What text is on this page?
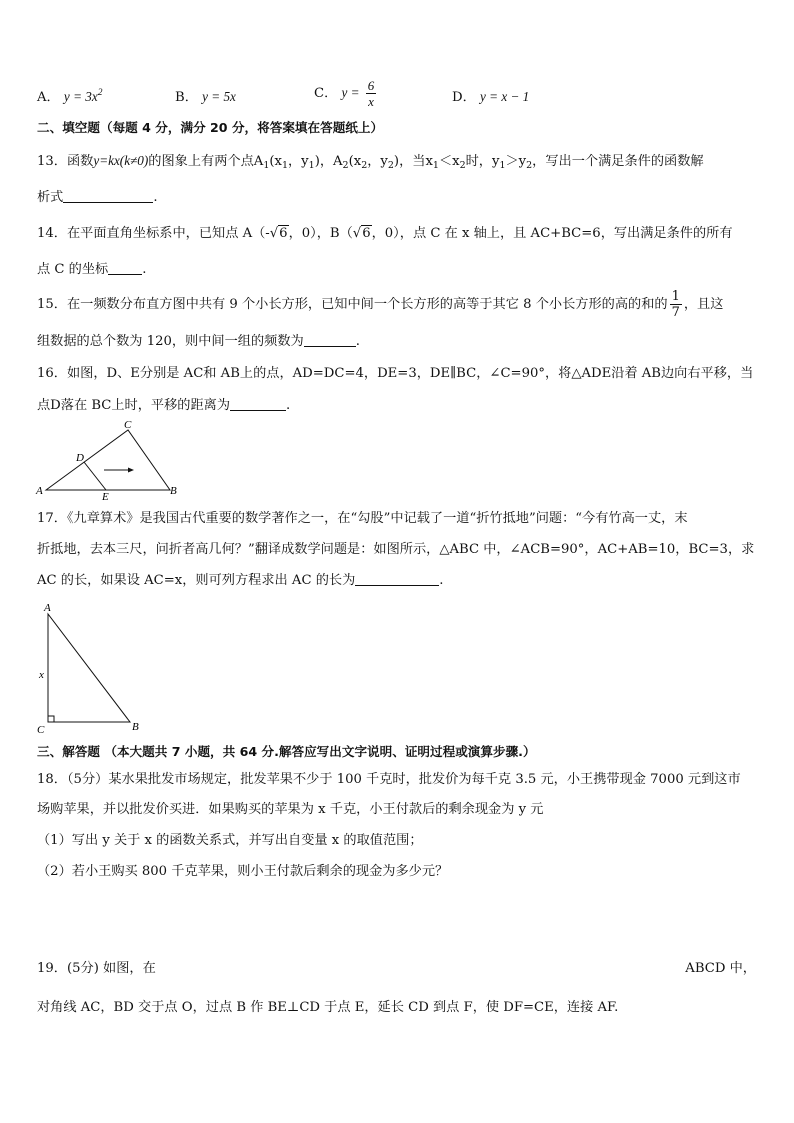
A． $y = 3x^2$	B． y = 5x	C． $y = \frac{6}{x}$	D． y = x − 1
二、填空题（每题 4 分，满分 20 分，将答案填在答题纸上）
13．函数y=kx(k≠0)的图象上有两个点$A_1(x_1$，$y_1$)，$A_2(x_2$，$y_2$)，当$x_1<x_2$时，$y_1>y_2$，写出一个满足条件的函数解
析式	.
14．在平面直角坐标系中，已知点 A（-√6，0），B（√6，0），点 C 在 x 轴上，且 AC+BC=6，写出满足条件的所有
点 C 的坐标	.
15．在一频数分布直方图中共有 9 个小长方形，已知中间一个长方形的高等于其它 8 个小长方形的高的和的 $\frac{1}{7}$ ，且这
组数据的总个数为 120，则中间一组的频数为	.
16．如图，D、E分别是 AC和 AB上的点，AD=DC=4，DE=3，DE∥BC，∠C=90°，将△ADE沿着 AB边向右平移，当
点D落在 BC上时，平移的距离为	.
C
D
A	E	B
17．《九章算术》是我国古代重要的数学著作之一，在“勾股”中记载了一道“折竹抵地”问题：“今有竹高一丈，末
折抵地，去本三尺，问折者高几何？”翻译成数学问题是：如图所示，△ABC 中，∠ACB=90°，AC+AB=10，BC=3，求
AC 的长，如果设 AC=x，则可列方程求出 AC 的长为	.
A
x
C	B
三、解答题 （本大题共 7 小题，共 64 分.解答应写出文字说明、证明过程或演算步骤.）
18．（5分）某水果批发市场规定，批发苹果不少于 100 千克时，批发价为每千克 3.5 元，小王携带现金 7000 元到这市
场购苹果，并以批发价买进．如果购买的苹果为 x 千克，小王付款后的剩余现金为 y 元
（1）写出 y 关于 x 的函数关系式，并写出自变量 x 的取值范围；
（2）若小王购买 800 千克苹果，则小王付款后剩余的现金为多少元？
19．(5分) 如图，在	ABCD 中，
对角线 AC，BD 交于点 O，过点 B 作 BE⊥CD 于点 E，延长 CD 到点 F，使 DF=CE，连接 AF.
